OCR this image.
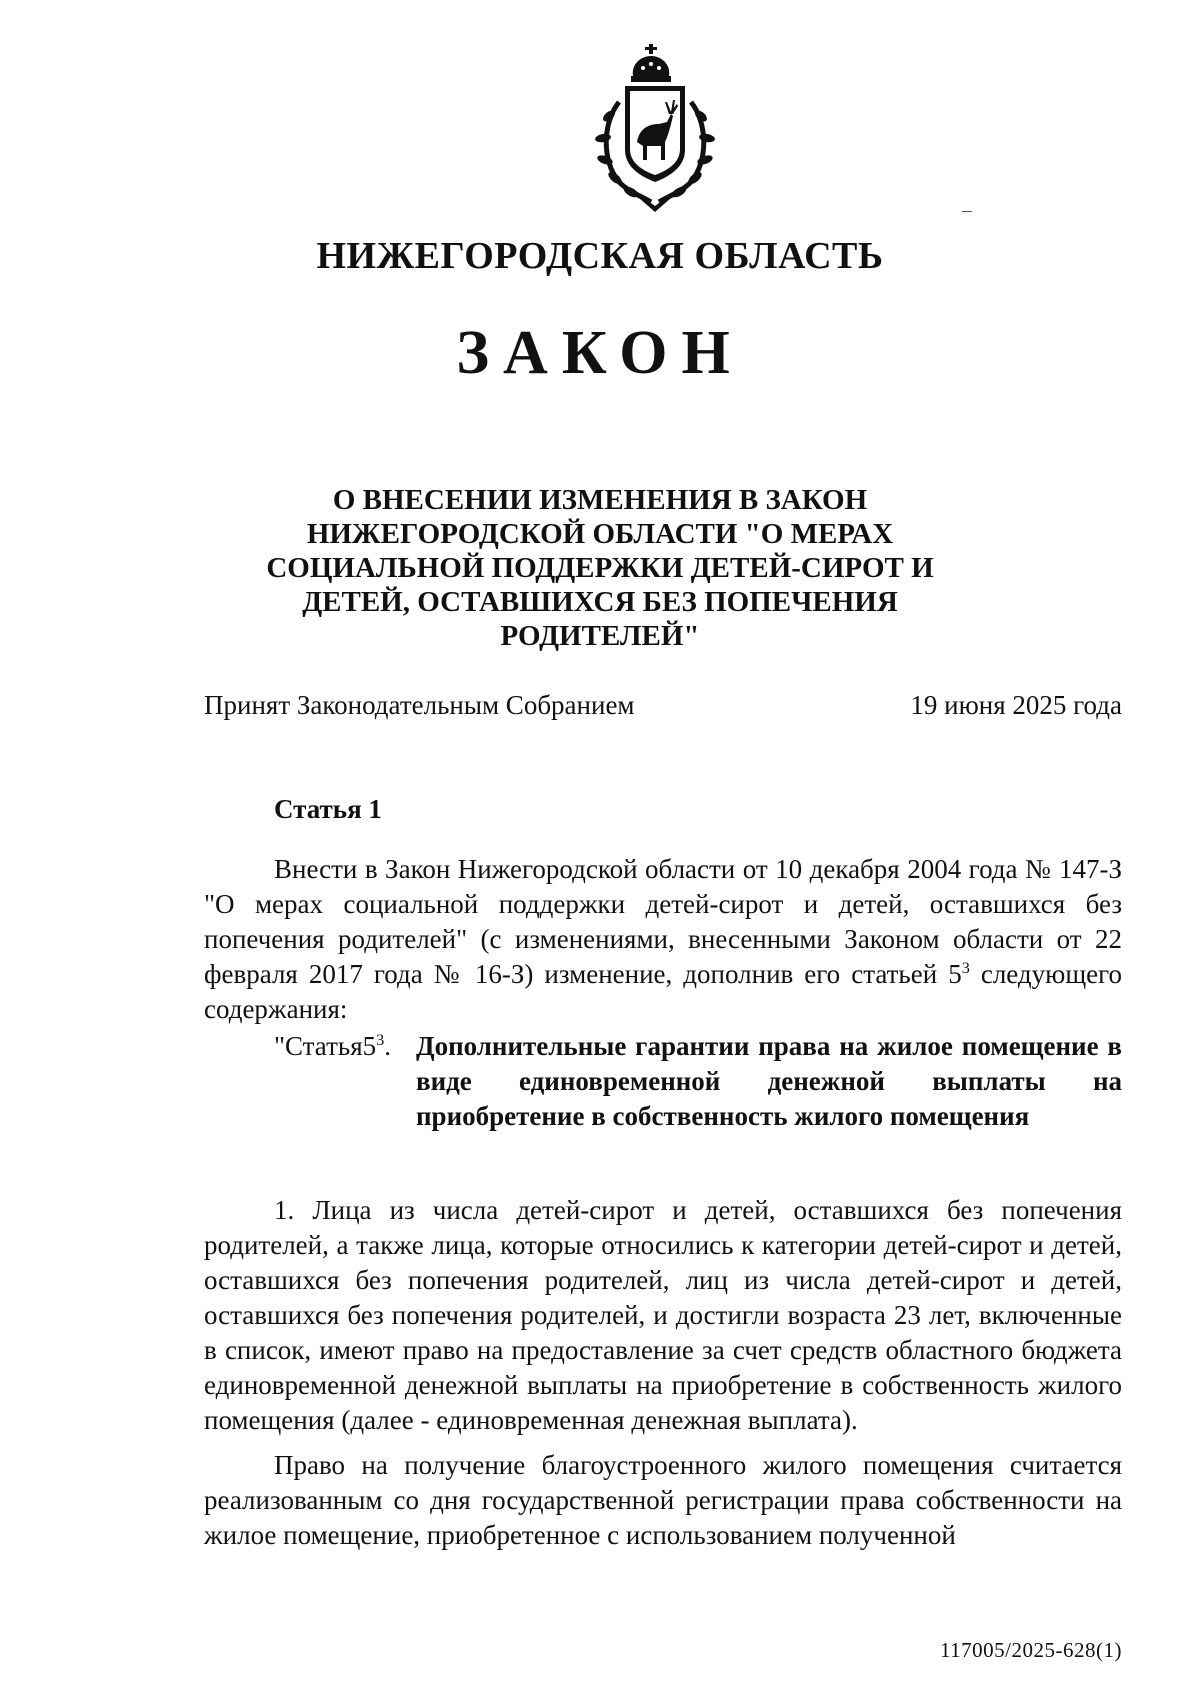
НИЖЕГОРОДСКАЯ ОБЛАСТЬ
ЗАКОН
О ВНЕСЕНИИ ИЗМЕНЕНИЯ В ЗАКОН НИЖЕГОРОДСКОЙ ОБЛАСТИ "О МЕРАХ СОЦИАЛЬНОЙ ПОДДЕРЖКИ ДЕТЕЙ-СИРОТ И ДЕТЕЙ, ОСТАВШИХСЯ БЕЗ ПОПЕЧЕНИЯ РОДИТЕЛЕЙ"
Принят Законодательным Собранием	19 июня 2025 года
Статья 1
Внести в Закон Нижегородской области от 10 декабря 2004 года № 147-З "О мерах социальной поддержки детей-сирот и детей, оставшихся без попечения родителей" (с изменениями, внесенными Законом области от 22 февраля 2017 года № 16-З) изменение, дополнив его статьей $5^3$ следующего содержания:
"Статья $5^3$. Дополнительные гарантии права на жилое помещение в виде единовременной денежной выплаты на приобретение в собственность жилого помещения
1. Лица из числа детей-сирот и детей, оставшихся без попечения родителей, а также лица, которые относились к категории детей-сирот и детей, оставшихся без попечения родителей, лиц из числа детей-сирот и детей, оставшихся без попечения родителей, и достигли возраста 23 лет, включенные в список, имеют право на предоставление за счет средств областного бюджета единовременной денежной выплаты на приобретение в собственность жилого помещения (далее - единовременная денежная выплата).
Право на получение благоустроенного жилого помещения считается реализованным со дня государственной регистрации права собственности на жилое помещение, приобретенное с использованием полученной
117005/2025-628(1)
